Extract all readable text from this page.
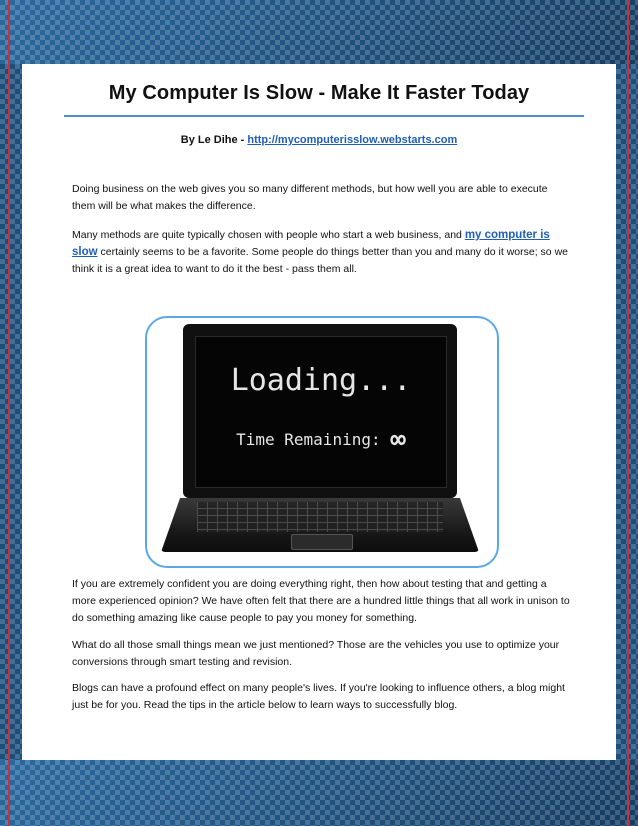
My Computer Is Slow - Make It Faster Today
By Le Dihe - http://mycomputerisslow.webstarts.com
Doing business on the web gives you so many different methods, but how well you are able to execute them will be what makes the difference.
Many methods are quite typically chosen with people who start a web business, and my computer is slow certainly seems to be a favorite. Some people do things better than you and many do it worse; so we think it is a great idea to want to do it the best - pass them all.
Loading...
Time Remaining: ∞
If you are extremely confident you are doing everything right, then how about testing that and getting a more experienced opinion? We have often felt that there are a hundred little things that all work in unison to do something amazing like cause people to pay you money for something.
What do all those small things mean we just mentioned? Those are the vehicles you use to optimize your conversions through smart testing and revision.
Blogs can have a profound effect on many people's lives. If you're looking to influence others, a blog might just be for you. Read the tips in the article below to learn ways to successfully blog.
